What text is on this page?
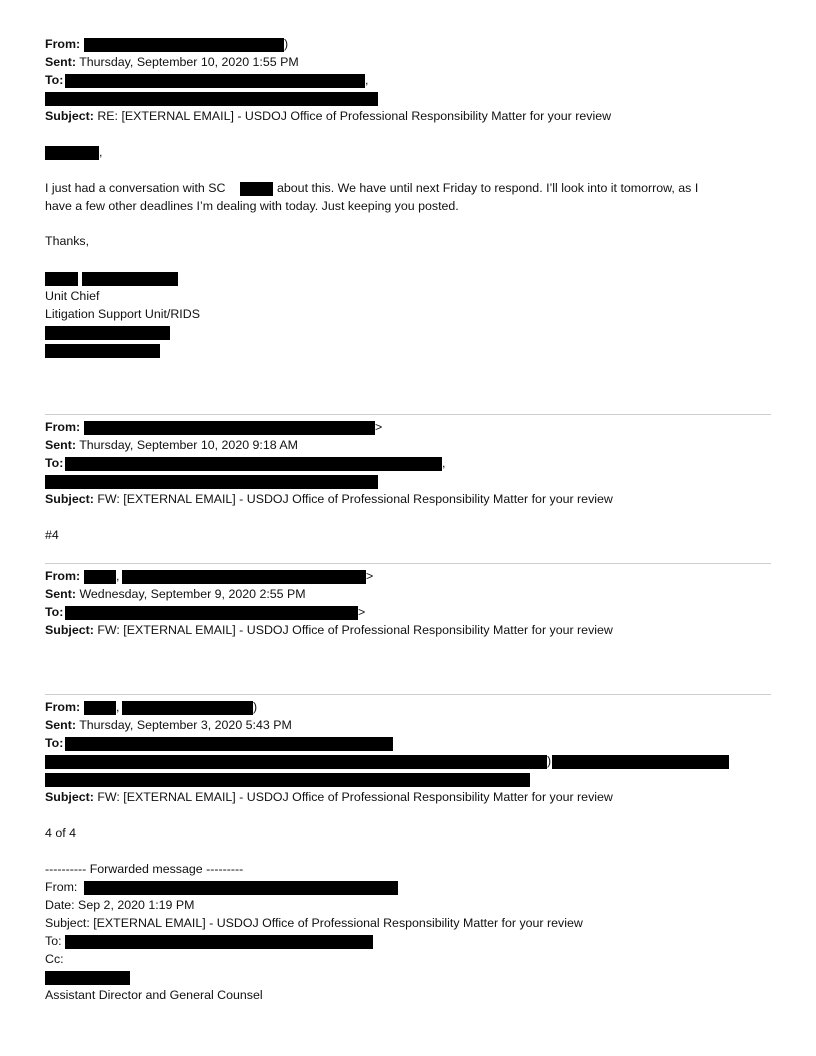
From:	)
Sent: Thursday, September 10, 2020 1:55 PM
To:	,
Subject: RE: [EXTERNAL EMAIL] - USDOJ Office of Professional Responsibility Matter for your review
,
I just had a conversation with SC	about this. We have until next Friday to respond. I’ll look into it tomorrow, as I
have a few other deadlines I’m dealing with today. Just keeping you posted.
Thanks,
Unit Chief
Litigation Support Unit/RIDS
From:	>
Sent: Thursday, September 10, 2020 9:18 AM
To:	,
Subject: FW: [EXTERNAL EMAIL] - USDOJ Office of Professional Responsibility Matter for your review
#4
From:	,	>
Sent: Wednesday, September 9, 2020 2:55 PM
To:	>
Subject: FW: [EXTERNAL EMAIL] - USDOJ Office of Professional Responsibility Matter for your review
From:	,	)
Sent: Thursday, September 3, 2020 5:43 PM
To:
)
Subject: FW: [EXTERNAL EMAIL] - USDOJ Office of Professional Responsibility Matter for your review
4 of 4
---------- Forwarded message ---------
From:
Date: Sep 2, 2020 1:19 PM
Subject: [EXTERNAL EMAIL] - USDOJ Office of Professional Responsibility Matter for your review
To:
Cc:
Assistant Director and General Counsel
